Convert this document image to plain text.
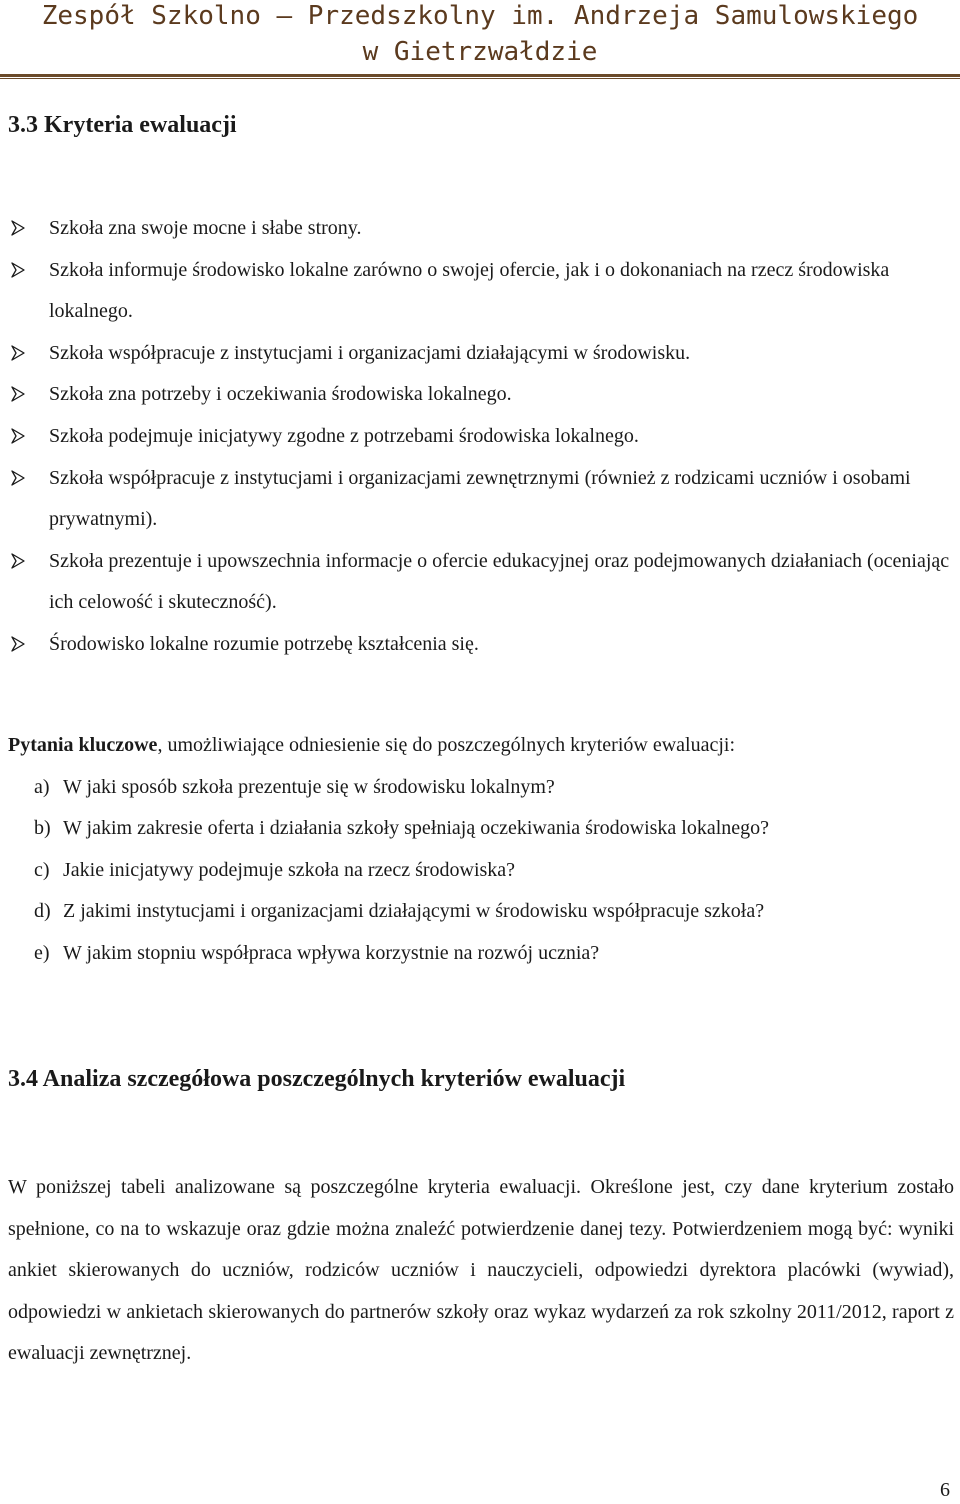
Zespół Szkolno – Przedszkolny im. Andrzeja Samulowskiego
w Gietrzwałdzie
3.3 Kryteria ewaluacji
Szkoła zna swoje mocne i słabe strony.
Szkoła informuje środowisko lokalne zarówno o swojej ofercie, jak i o dokonaniach na rzecz środowiska lokalnego.
Szkoła współpracuje z instytucjami i organizacjami działającymi w środowisku.
Szkoła zna potrzeby i oczekiwania środowiska lokalnego.
Szkoła podejmuje inicjatywy zgodne z potrzebami środowiska lokalnego.
Szkoła współpracuje z instytucjami i organizacjami zewnętrznymi (również z rodzicami uczniów i osobami prywatnymi).
Szkoła prezentuje i upowszechnia informacje o ofercie edukacyjnej oraz podejmowanych działaniach (oceniając ich celowość i skuteczność).
Środowisko lokalne rozumie potrzebę kształcenia się.
Pytania kluczowe, umożliwiające odniesienie się do poszczególnych kryteriów ewaluacji:
a) W jaki sposób szkoła prezentuje się w środowisku lokalnym?
b) W jakim zakresie oferta i działania szkoły spełniają oczekiwania środowiska lokalnego?
c) Jakie inicjatywy podejmuje szkoła na rzecz środowiska?
d) Z jakimi instytucjami i organizacjami działającymi w środowisku współpracuje szkoła?
e) W jakim stopniu współpraca wpływa korzystnie na rozwój ucznia?
3.4 Analiza szczegółowa poszczególnych kryteriów ewaluacji

W poniższej tabeli analizowane są poszczególne kryteria ewaluacji. Określone jest, czy dane kryterium zostało spełnione, co na to wskazuje oraz gdzie można znaleźć potwierdzenie danej tezy. Potwierdzeniem mogą być: wyniki ankiet skierowanych do uczniów, rodziców uczniów i nauczycieli, odpowiedzi dyrektora placówki (wywiad), odpowiedzi w ankietach skierowanych do partnerów szkoły oraz wykaz wydarzeń za rok szkolny 2011/2012, raport z ewaluacji zewnętrznej.

6
